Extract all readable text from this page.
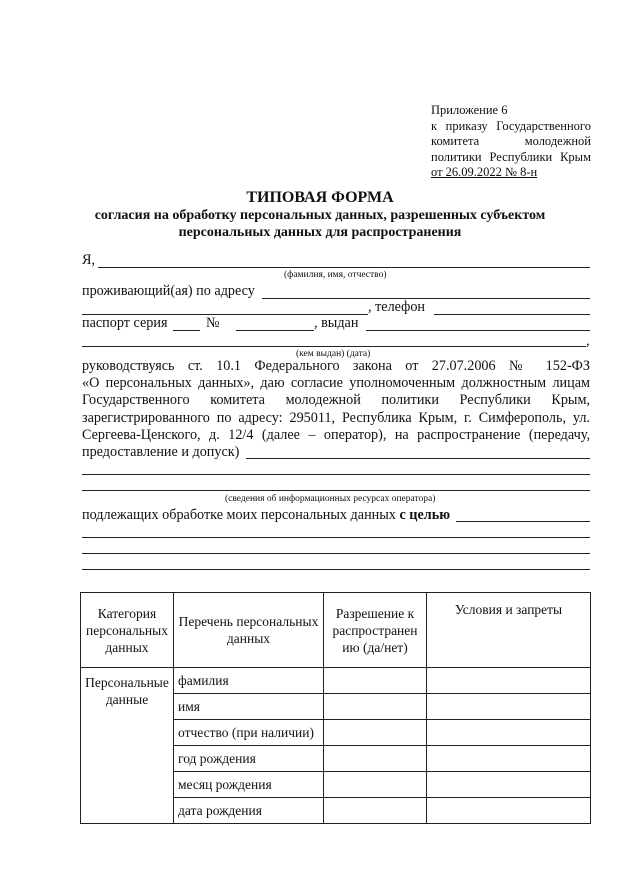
Приложение 6
к приказу Государственного
комитета молодежной
политики Республики Крым
от 26.09.2022 № 8-н
ТИПОВАЯ ФОРМА
согласия на обработку персональных данных, разрешенных субъектом
персональных данных для распространения
Я,
(фамилия, имя, отчество)
проживающий(ая) по адресу
, телефон
паспорт серия	№	, выдан
,
(кем выдан) (дата)
руководствуясь ст. 10.1 Федерального закона от 27.07.2006 № 152-ФЗ
«О персональных данных», даю согласие уполномоченным должностным лицам
Государственного комитета молодежной политики Республики Крым,
зарегистрированного по адресу: 295011, Республика Крым, г. Симферополь, ул.
Сергеева-Ценского, д. 12/4 (далее – оператор), на распространение (передачу,
предоставление и допуск)
(сведения об информационных ресурсах оператора)
подлежащих обработке моих персональных данных с целью
Категория персональных данных	Перечень персональных данных	Разрешение к распространен ию (да/нет)	Условия и запреты
Персональные данные	фамилия		
	имя		
	отчество (при наличии)		
	год рождения		
	месяц рождения		
	дата рождения		
